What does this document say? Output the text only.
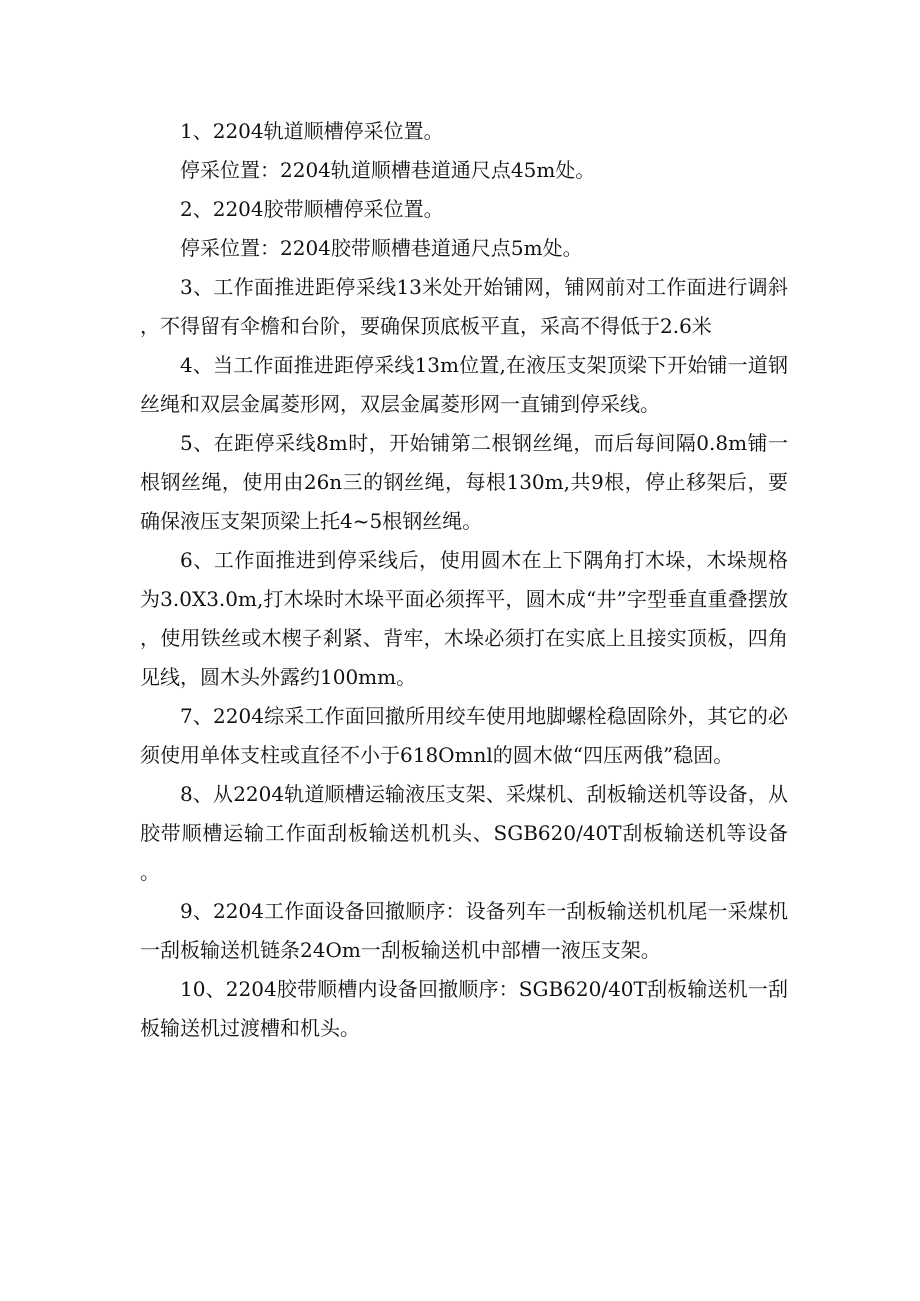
1、2204轨道顺槽停采位置。

停采位置：2204轨道顺槽巷道通尺点45m处。

2、2204胶带顺槽停采位置。

停采位置：2204胶带顺槽巷道通尺点5m处。

3、工作面推进距停采线13米处开始铺网，铺网前对工作面进行调斜，不得留有伞檐和台阶，要确保顶底板平直，采高不得低于2.6米

4、当工作面推进距停采线13m位置,在液压支架顶梁下开始铺一道钢丝绳和双层金属菱形网，双层金属菱形网一直铺到停采线。

5、在距停采线8m时，开始铺第二根钢丝绳，而后每间隔0.8m铺一根钢丝绳，使用由26n三的钢丝绳，每根130m,共9根，停止移架后，要确保液压支架顶梁上托4~5根钢丝绳。

6、工作面推进到停采线后，使用圆木在上下隅角打木垛，木垛规格为3.0X3.0m,打木垛时木垛平面必须挥平，圆木成“井”字型垂直重叠摆放，使用铁丝或木楔子剎紧、背牢，木垛必须打在实底上且接实顶板，四角见线，圆木头外露约100mm。

7、2204综采工作面回撤所用绞车使用地脚螺栓稳固除外，其它的必须使用单体支柱或直径不小于618Omnl的圆木做“四压两俄”稳固。

8、从2204轨道顺槽运输液压支架、采煤机、刮板输送机等设备，从胶带顺槽运输工作面刮板输送机机头、SGB620/40T刮板输送机等设备。

9、2204工作面设备回撤顺序：设备列车一刮板输送机机尾一采煤机一刮板输送机链条24Om一刮板输送机中部槽一液压支架。

10、2204胶带顺槽内设备回撤顺序：SGB620/40T刮板输送机一刮板输送机过渡槽和机头。
